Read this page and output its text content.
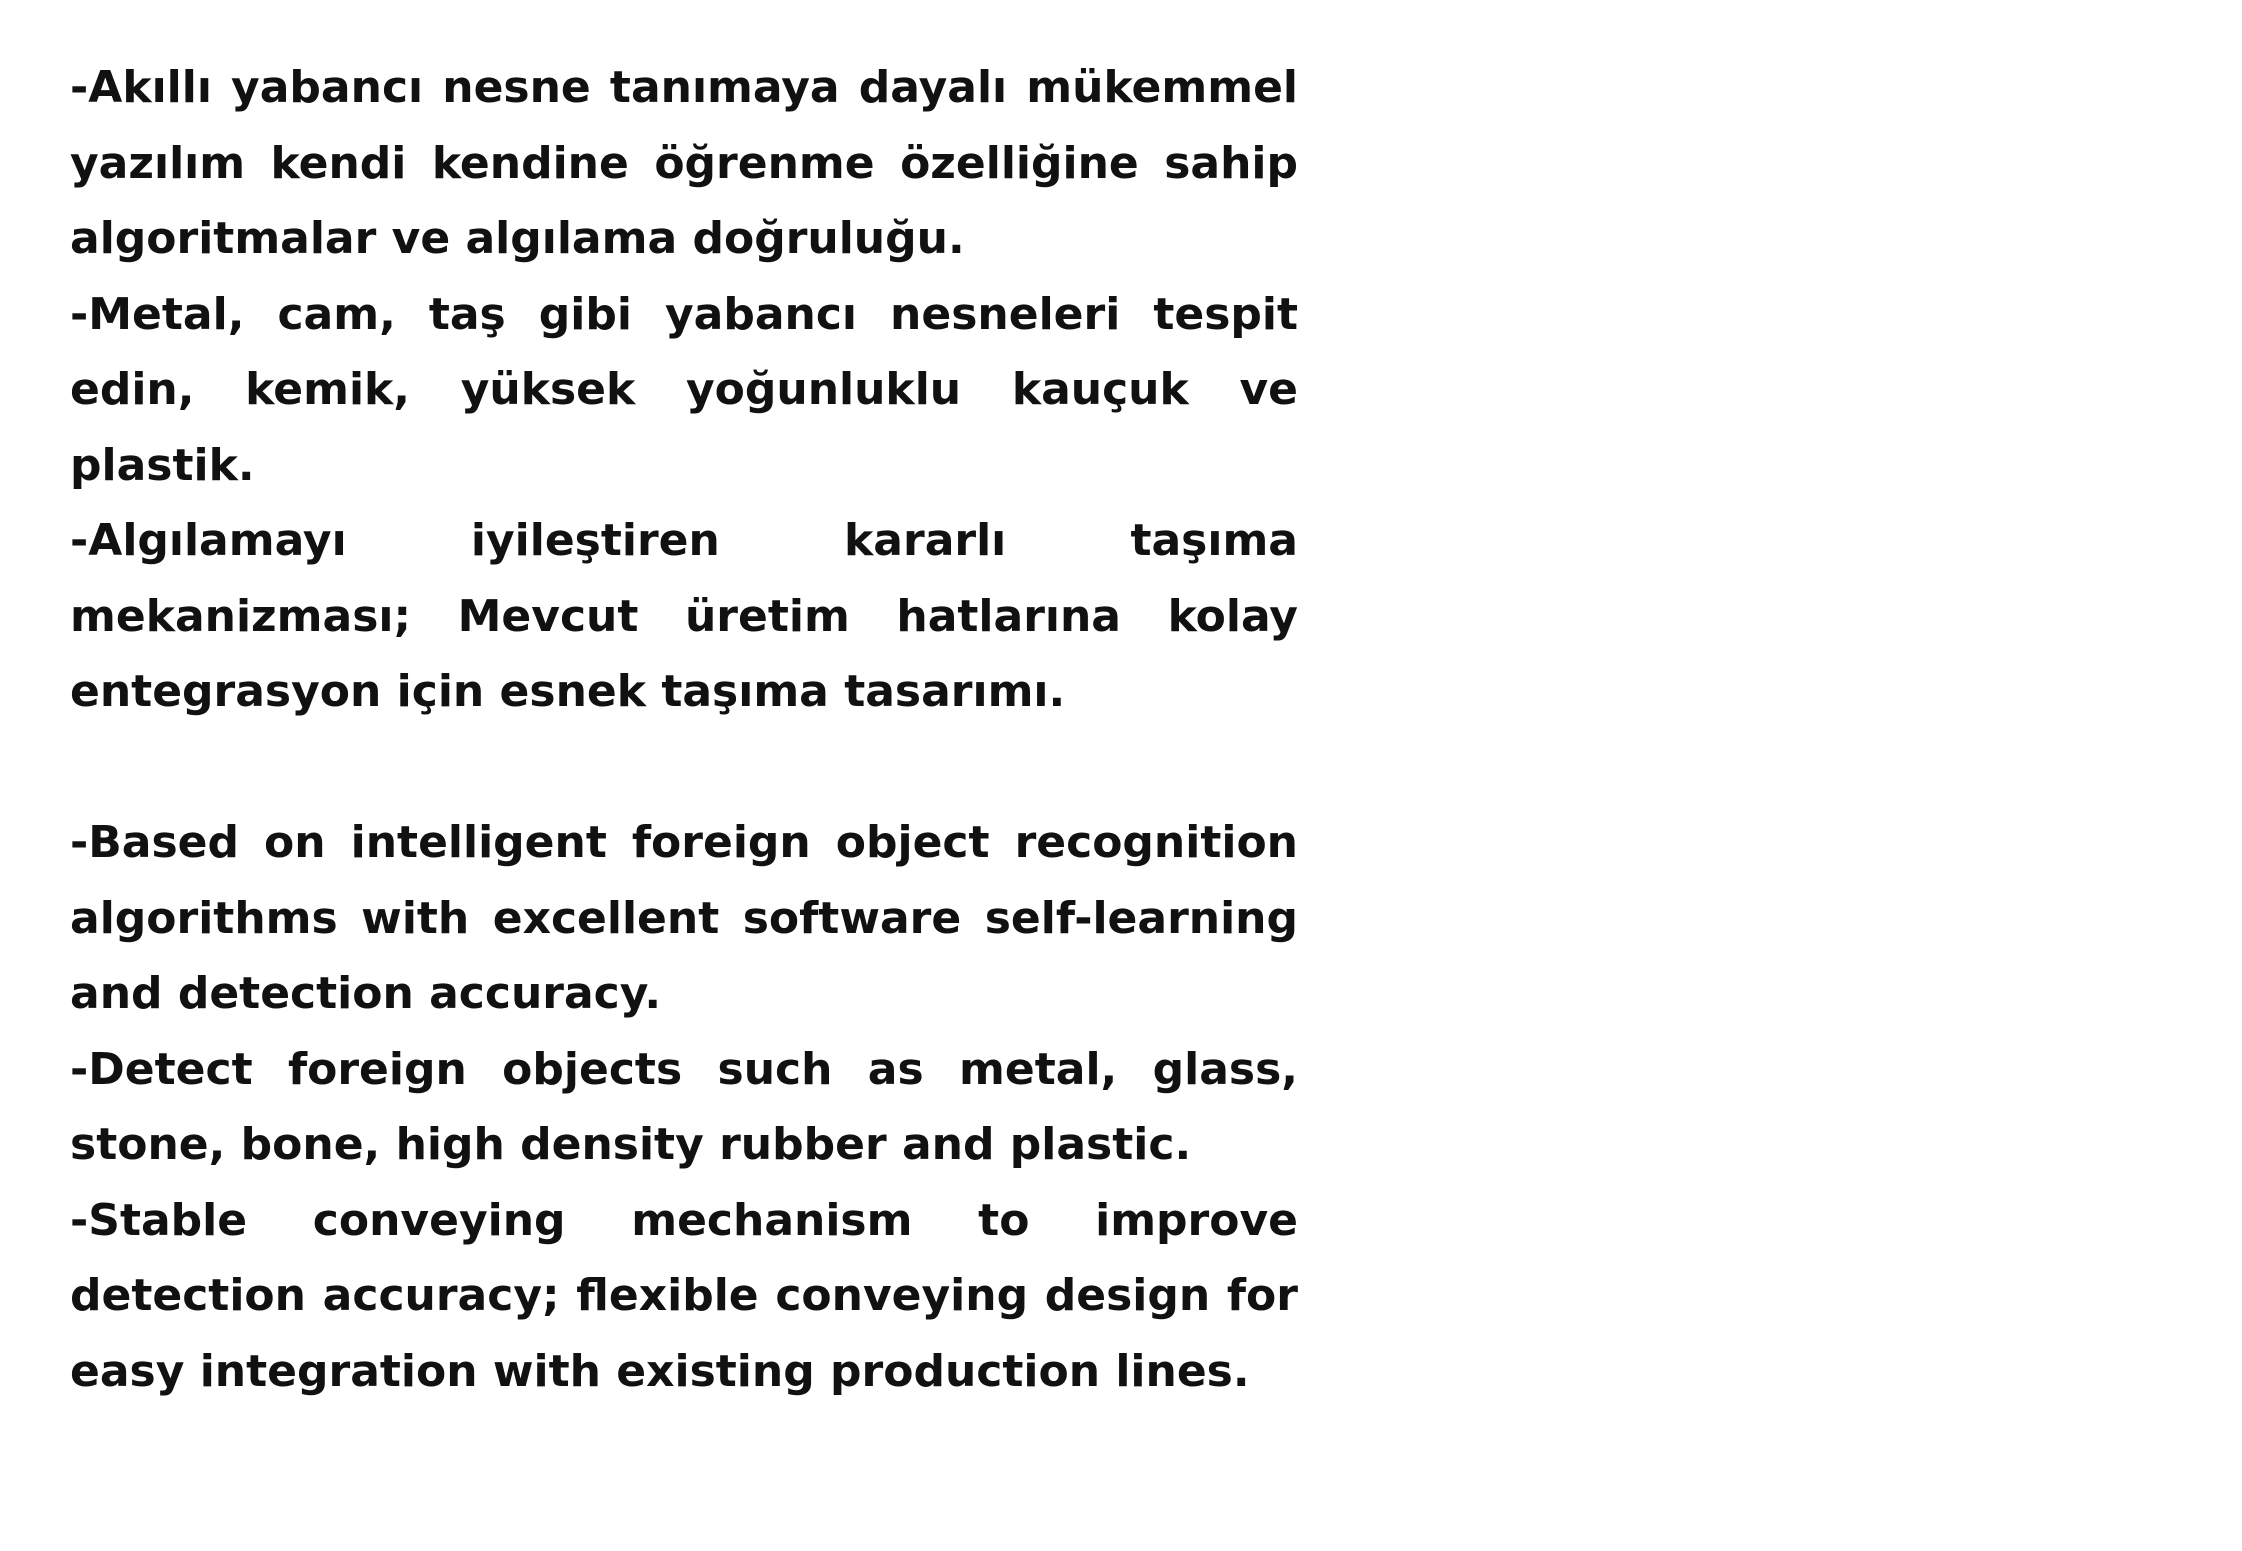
-Akıllı yabancı nesne tanımaya dayalı mükemmel yazılım kendi kendine öğrenme özelliğine sahip algoritmalar ve algılama doğruluğu.

-Metal, cam, taş gibi yabancı nesneleri tespit edin, kemik, yüksek yoğunluklu kauçuk ve plastik.

-Algılamayı iyileştiren kararlı taşıma mekanizması; Mevcut üretim hatlarına kolay entegrasyon için esnek taşıma tasarımı.

-Based on intelligent foreign object recognition algorithms with excellent software self-learning and detection accuracy.

-Detect foreign objects such as metal, glass, stone, bone, high density rubber and plastic.

-Stable conveying mechanism to improve detection accuracy; flexible conveying design for easy integration with existing production lines.
